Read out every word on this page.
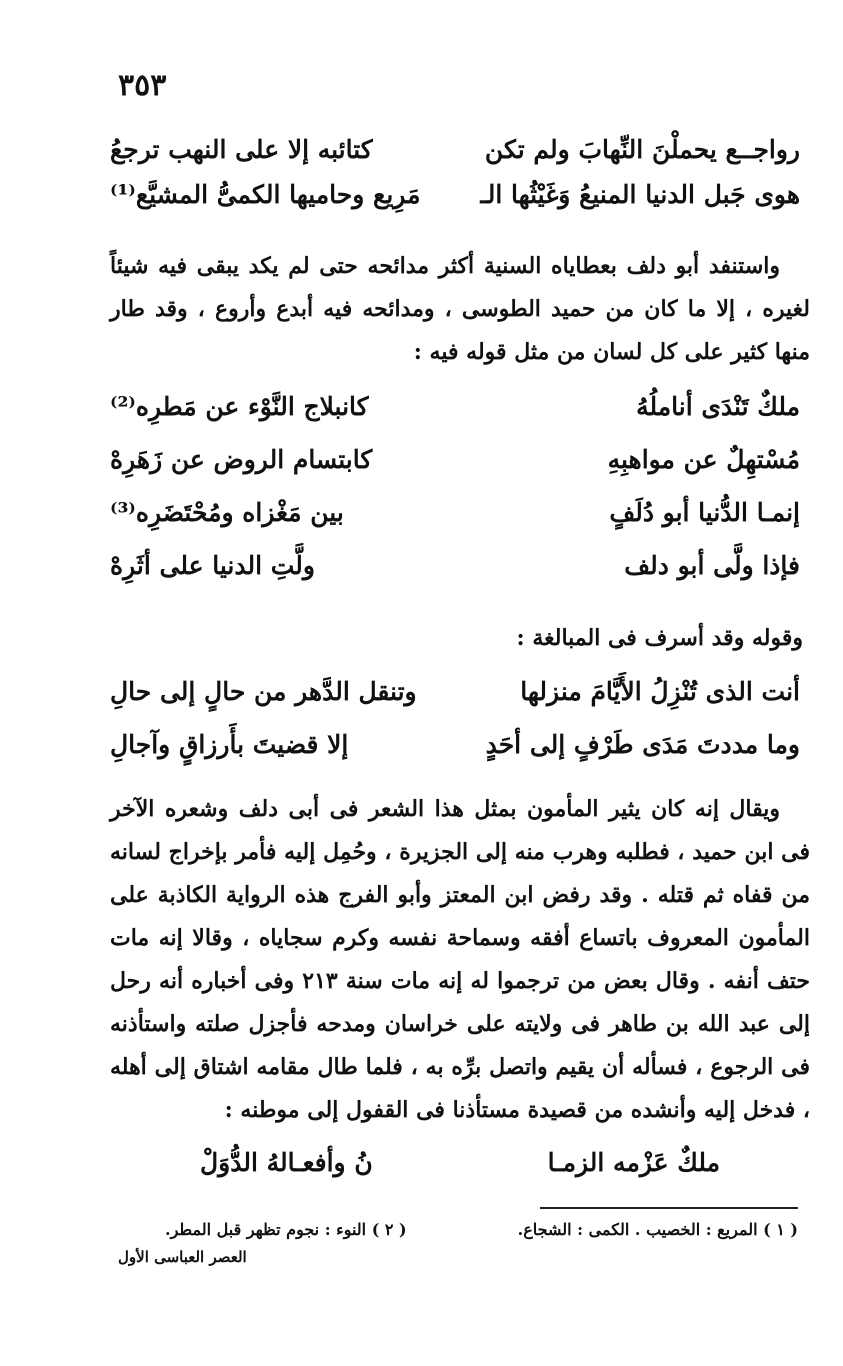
٣٥٣
رواجــع يحملْنَ النِّهابَ ولم تكن
كتائبه إلا على النهب ترجعُ
هوى جَبل الدنيا المنيعُ وَغَيْثُها الـ
مَرِيع وحاميها الكمىُّ المشيَّع⁽¹⁾

واستنفد أبو دلف بعطاياه السنية أكثر مدائحه حتى لم يكد يبقى فيه شيئاً لغيره ، إلا ما كان من حميد الطوسى ، ومدائحه فيه أبدع وأروع ، وقد طار منها كثير على كل لسان من مثل قوله فيه :

ملكٌ تَنْدَى أناملُهُ
كانبلاج النَّوْء عن مَطرِه⁽²⁾
مُسْتهِلٌ عن مواهبِهِ
كابتسام الروض عن زَهَرِهْ
إنمـا الدُّنيا أبو دُلَفٍ
بين مَغْزاه ومُحْتَضَرِه⁽³⁾
فإذا ولَّى أبو دلف
ولَّتِ الدنيا على أثَرِهْ
وقوله وقد أسرف فى المبالغة :
أنت الذى تُنْزِلُ الأَيَّامَ منزلها
وتنقل الدَّهر من حالٍ إلى حالِ
وما مددتَ مَدَى طَرْفٍ إلى أحَدٍ
إلا قضيتَ بأَرزاقٍ وآجالِ

ويقال إنه كان يثير المأمون بمثل هذا الشعر فى أبى دلف وشعره الآخر فى ابن حميد ، فطلبه وهرب منه إلى الجزيرة ، وحُمِل إليه فأمر بإخراج لسانه من قفاه ثم قتله . وقد رفض ابن المعتز وأبو الفرج هذه الرواية الكاذبة على المأمون المعروف باتساع أفقه وسماحة نفسه وكرم سجاياه ، وقالا إنه مات حتف أنفه . وقال بعض من ترجموا له إنه مات سنة ٢١٣ وفى أخباره أنه رحل إلى عبد الله بن طاهر فى ولايته على خراسان ومدحه فأجزل صلته واستأذنه فى الرجوع ، فسأله أن يقيم واتصل برِّه به ، فلما طال مقامه اشتاق إلى أهله ، فدخل إليه وأنشده من قصيدة مستأذنا فى القفول إلى موطنه :

ملكٌ عَزْمه الزمـا
نُ وأفعـالهُ الدُّوَلْ
( ١ ) المريع : الخصيب . الكمى : الشجاع.
( ٢ ) النوء : نجوم تظهر قبل المطر.
العصر العباسى الأول
